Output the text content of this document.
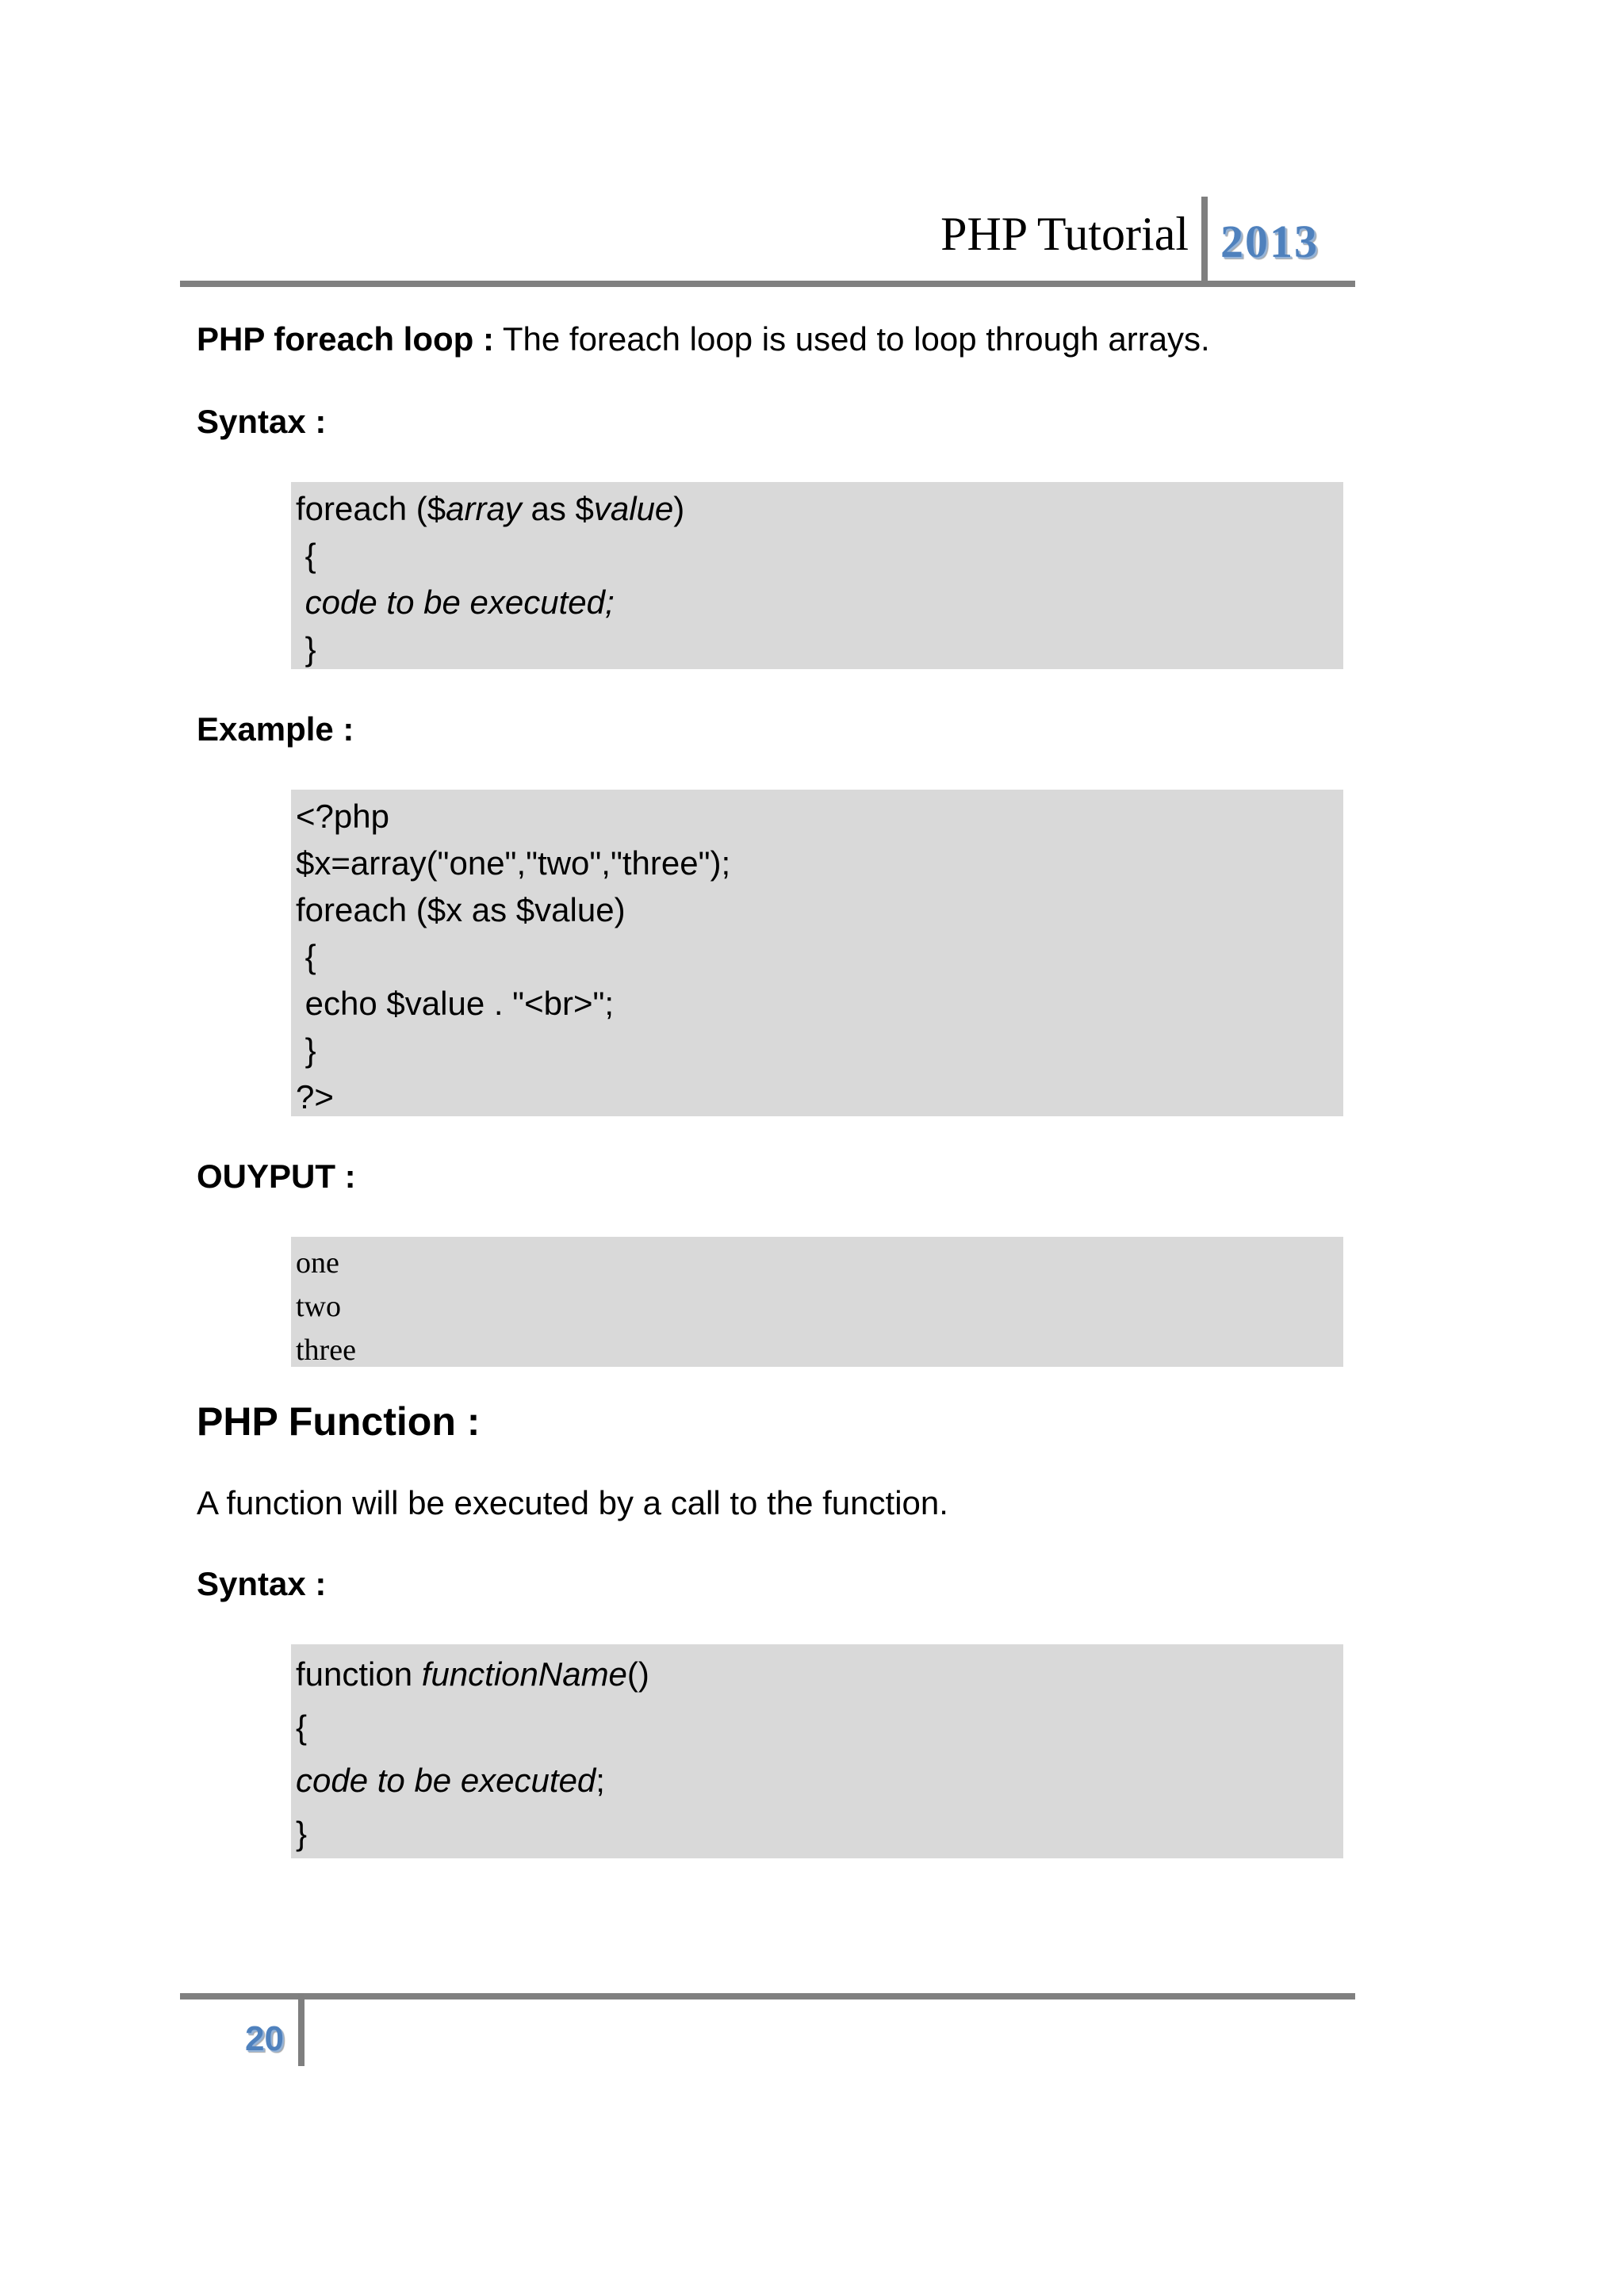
PHP Tutorial 2013

PHP foreach loop : The foreach loop is used to loop through arrays.

Syntax :

foreach ($array as $value)
{
code to be executed;
}

Example :

<?php
$x=array("one","two","three");
foreach ($x as $value)
{
echo $value . "<br>";
}
?>

OUYPUT :

one
two
three

PHP Function :

A function will be executed by a call to the function.

Syntax :

function functionName()
{
code to be executed;
}
20
